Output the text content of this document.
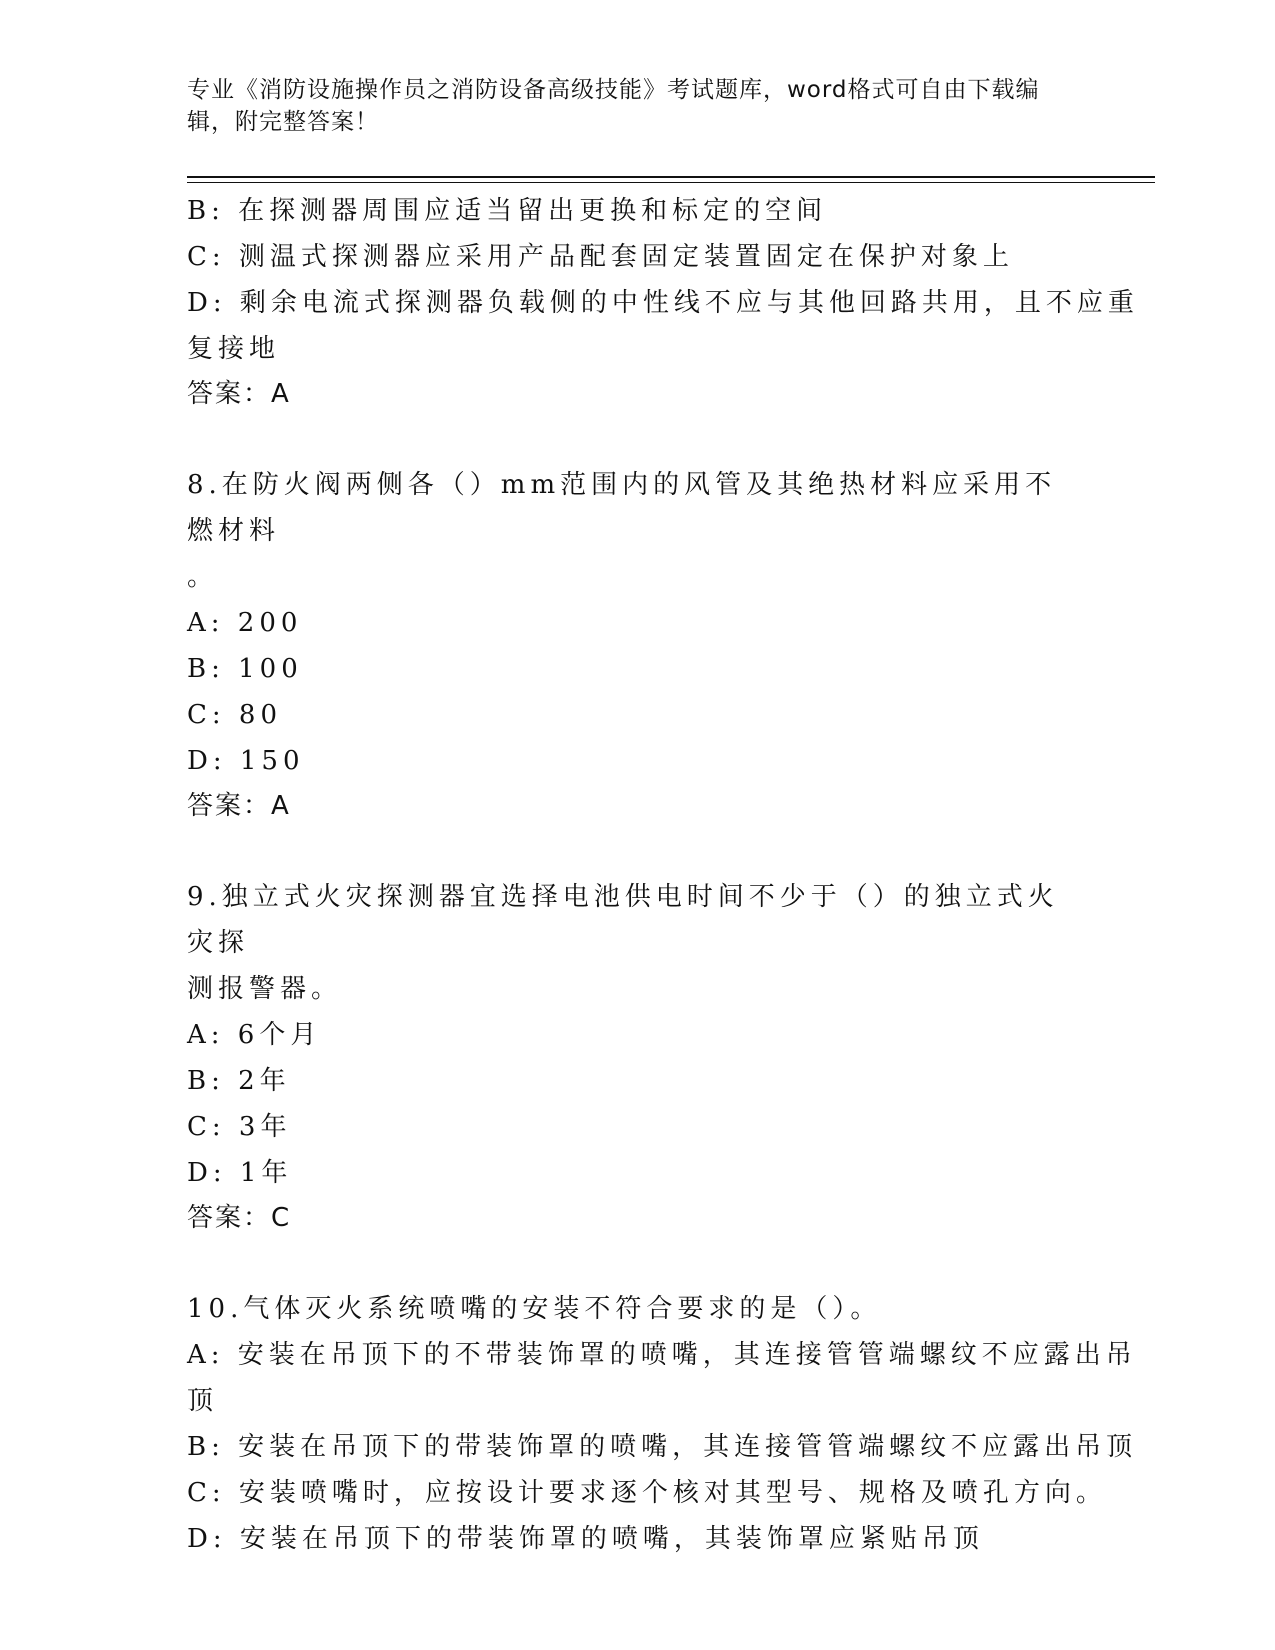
专业《消防设施操作员之消防设备高级技能》考试题库，word格式可自由下载编辑，附完整答案！
B: 在探测器周围应适当留出更换和标定的空间
C: 测温式探测器应采用产品配套固定装置固定在保护对象上
D: 剩余电流式探测器负载侧的中性线不应与其他回路共用，且不应重
复接地
答案：A
8.在防火阀两侧各（）mm范围内的风管及其绝热材料应采用不燃材料
。
A: 200
B: 100
C: 80
D: 150
答案：A
9.独立式火灾探测器宜选择电池供电时间不少于（）的独立式火灾探
测报警器。
A: 6个月
B: 2年
C: 3年
D: 1年
答案：C
10.气体灭火系统喷嘴的安装不符合要求的是（）。
A: 安装在吊顶下的不带装饰罩的喷嘴，其连接管管端螺纹不应露出吊
顶
B: 安装在吊顶下的带装饰罩的喷嘴，其连接管管端螺纹不应露出吊顶
C: 安装喷嘴时，应按设计要求逐个核对其型号、规格及喷孔方向。
D: 安装在吊顶下的带装饰罩的喷嘴，其装饰罩应紧贴吊顶
